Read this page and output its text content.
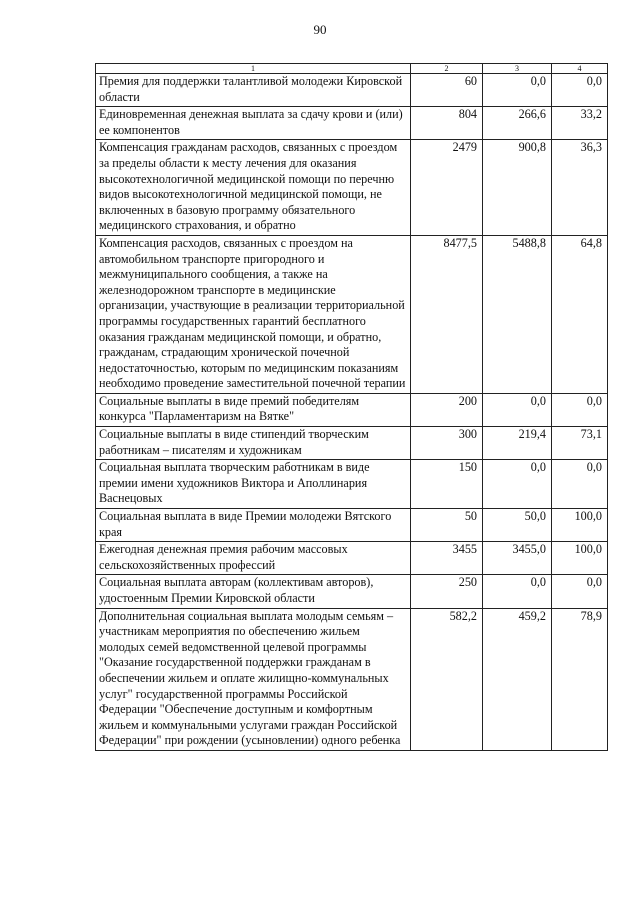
90
1	2	3	4
Премия для поддержки талантливой молодежи Кировской области	60	0,0	0,0
Единовременная денежная выплата за сдачу крови и (или) ее компонентов	804	266,6	33,2
Компенсация гражданам расходов, связанных с проездом за пределы области к месту лечения для оказания высокотехнологичной медицинской помощи по перечню видов высокотехнологичной медицинской помощи, не включенных в базовую программу обязательного медицинского страхования, и обратно	2479	900,8	36,3
Компенсация расходов, связанных с проездом на автомобильном транспорте пригородного и межмуниципального сообщения, а также на железнодорожном транспорте в медицинские организации, участвующие в реализации территориальной программы государственных гарантий бесплатного оказания гражданам медицинской помощи, и обратно, гражданам, страдающим хронической почечной недостаточностью, которым по медицинским показаниям необходимо проведение заместительной почечной терапии	8477,5	5488,8	64,8
Социальные выплаты в виде премий победителям конкурса "Парламентаризм на Вятке"	200	0,0	0,0
Социальные выплаты в виде стипендий творческим работникам – писателям и художникам	300	219,4	73,1
Социальная выплата творческим работникам в виде премии имени художников Виктора и Аполлинария Васнецовых	150	0,0	0,0
Социальная выплата в виде Премии молодежи Вятского края	50	50,0	100,0
Ежегодная денежная премия рабочим массовых сельскохозяйственных профессий	3455	3455,0	100,0
Социальная выплата авторам (коллективам авторов), удостоенным Премии Кировской области	250	0,0	0,0
Дополнительная социальная выплата молодым семьям – участникам мероприятия по обеспечению жильем молодых семей ведомственной целевой программы "Оказание государственной поддержки гражданам в обеспечении жильем и оплате жилищно-коммунальных услуг" государственной программы Российской Федерации "Обеспечение доступным и комфортным жильем и коммунальными услугами граждан Российской Федерации" при рождении (усыновлении) одного ребенка	582,2	459,2	78,9
